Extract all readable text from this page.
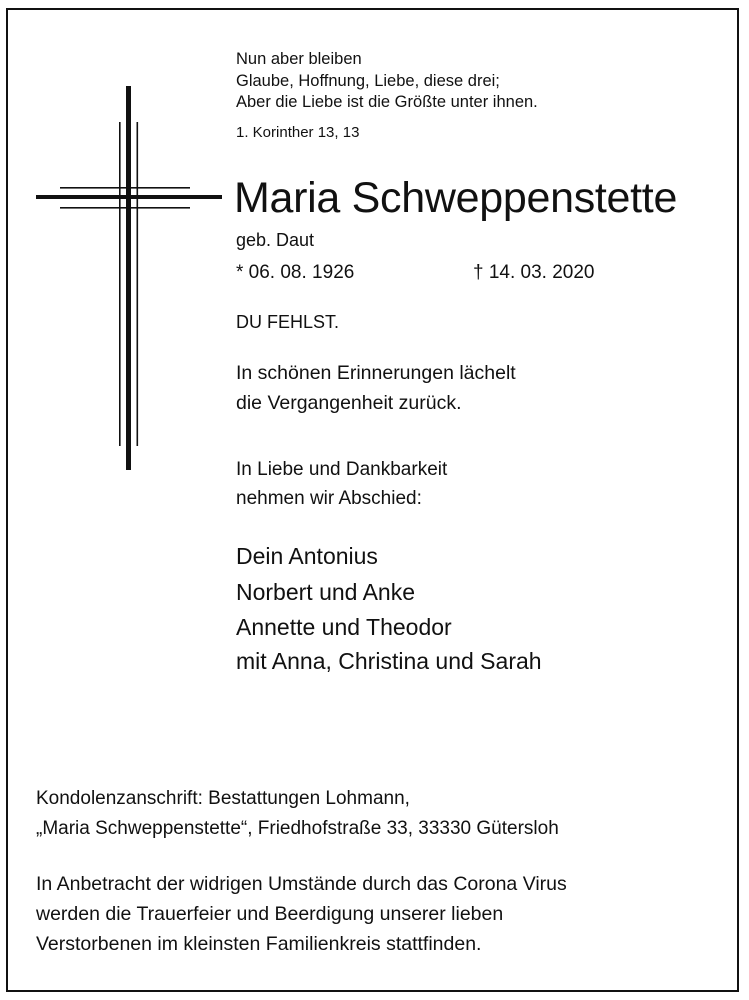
Nun aber bleiben
Glaube, Hoffnung, Liebe, diese drei;
Aber die Liebe ist die Größte unter ihnen.
1. Korinther 13, 13
Maria Schweppenstette
geb. Daut
* 06. 08. 1926	† 14. 03. 2020
DU FEHLST.
In schönen Erinnerungen lächelt
die Vergangenheit zurück.
In Liebe und Dankbarkeit
nehmen wir Abschied:
Dein Antonius
Norbert und Anke
Annette und Theodor
mit Anna, Christina und Sarah
Kondolenzanschrift: Bestattungen Lohmann,
„Maria Schweppenstette“, Friedhofstraße 33, 33330 Gütersloh
In Anbetracht der widrigen Umstände durch das Corona Virus
werden die Trauerfeier und Beerdigung unserer lieben
Verstorbenen im kleinsten Familienkreis stattfinden.
